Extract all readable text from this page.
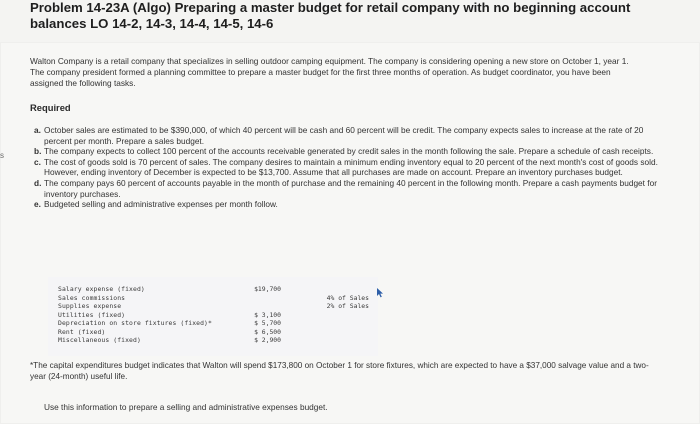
Problem 14-23A (Algo) Preparing a master budget for retail company with no beginning account balances LO 14-2, 14-3, 14-4, 14-5, 14-6
s
Walton Company is a retail company that specializes in selling outdoor camping equipment. The company is considering opening a new store on October 1, year 1. The company president formed a planning committee to prepare a master budget for the first three months of operation. As budget coordinator, you have been assigned the following tasks.
Required
a. October sales are estimated to be $390,000, of which 40 percent will be cash and 60 percent will be credit. The company expects sales to increase at the rate of 20 percent per month. Prepare a sales budget.
b. The company expects to collect 100 percent of the accounts receivable generated by credit sales in the month following the sale. Prepare a schedule of cash receipts.
c. The cost of goods sold is 70 percent of sales. The company desires to maintain a minimum ending inventory equal to 20 percent of the next month's cost of goods sold. However, ending inventory of December is expected to be $13,700. Assume that all purchases are made on account. Prepare an inventory purchases budget.
d. The company pays 60 percent of accounts payable in the month of purchase and the remaining 40 percent in the following month. Prepare a cash payments budget for inventory purchases.
e. Budgeted selling and administrative expenses per month follow.
Salary expense (fixed)	$19,700
Sales commissions	4% of Sales
Supplies expense	2% of Sales
Utilities (fixed)	$ 3,100
Depreciation on store fixtures (fixed)*	$ 5,700
Rent (fixed)	$ 6,500
Miscellaneous (fixed)	$ 2,900
*The capital expenditures budget indicates that Walton will spend $173,800 on October 1 for store fixtures, which are expected to have a $37,000 salvage value and a two-year (24-month) useful life.
Use this information to prepare a selling and administrative expenses budget.
